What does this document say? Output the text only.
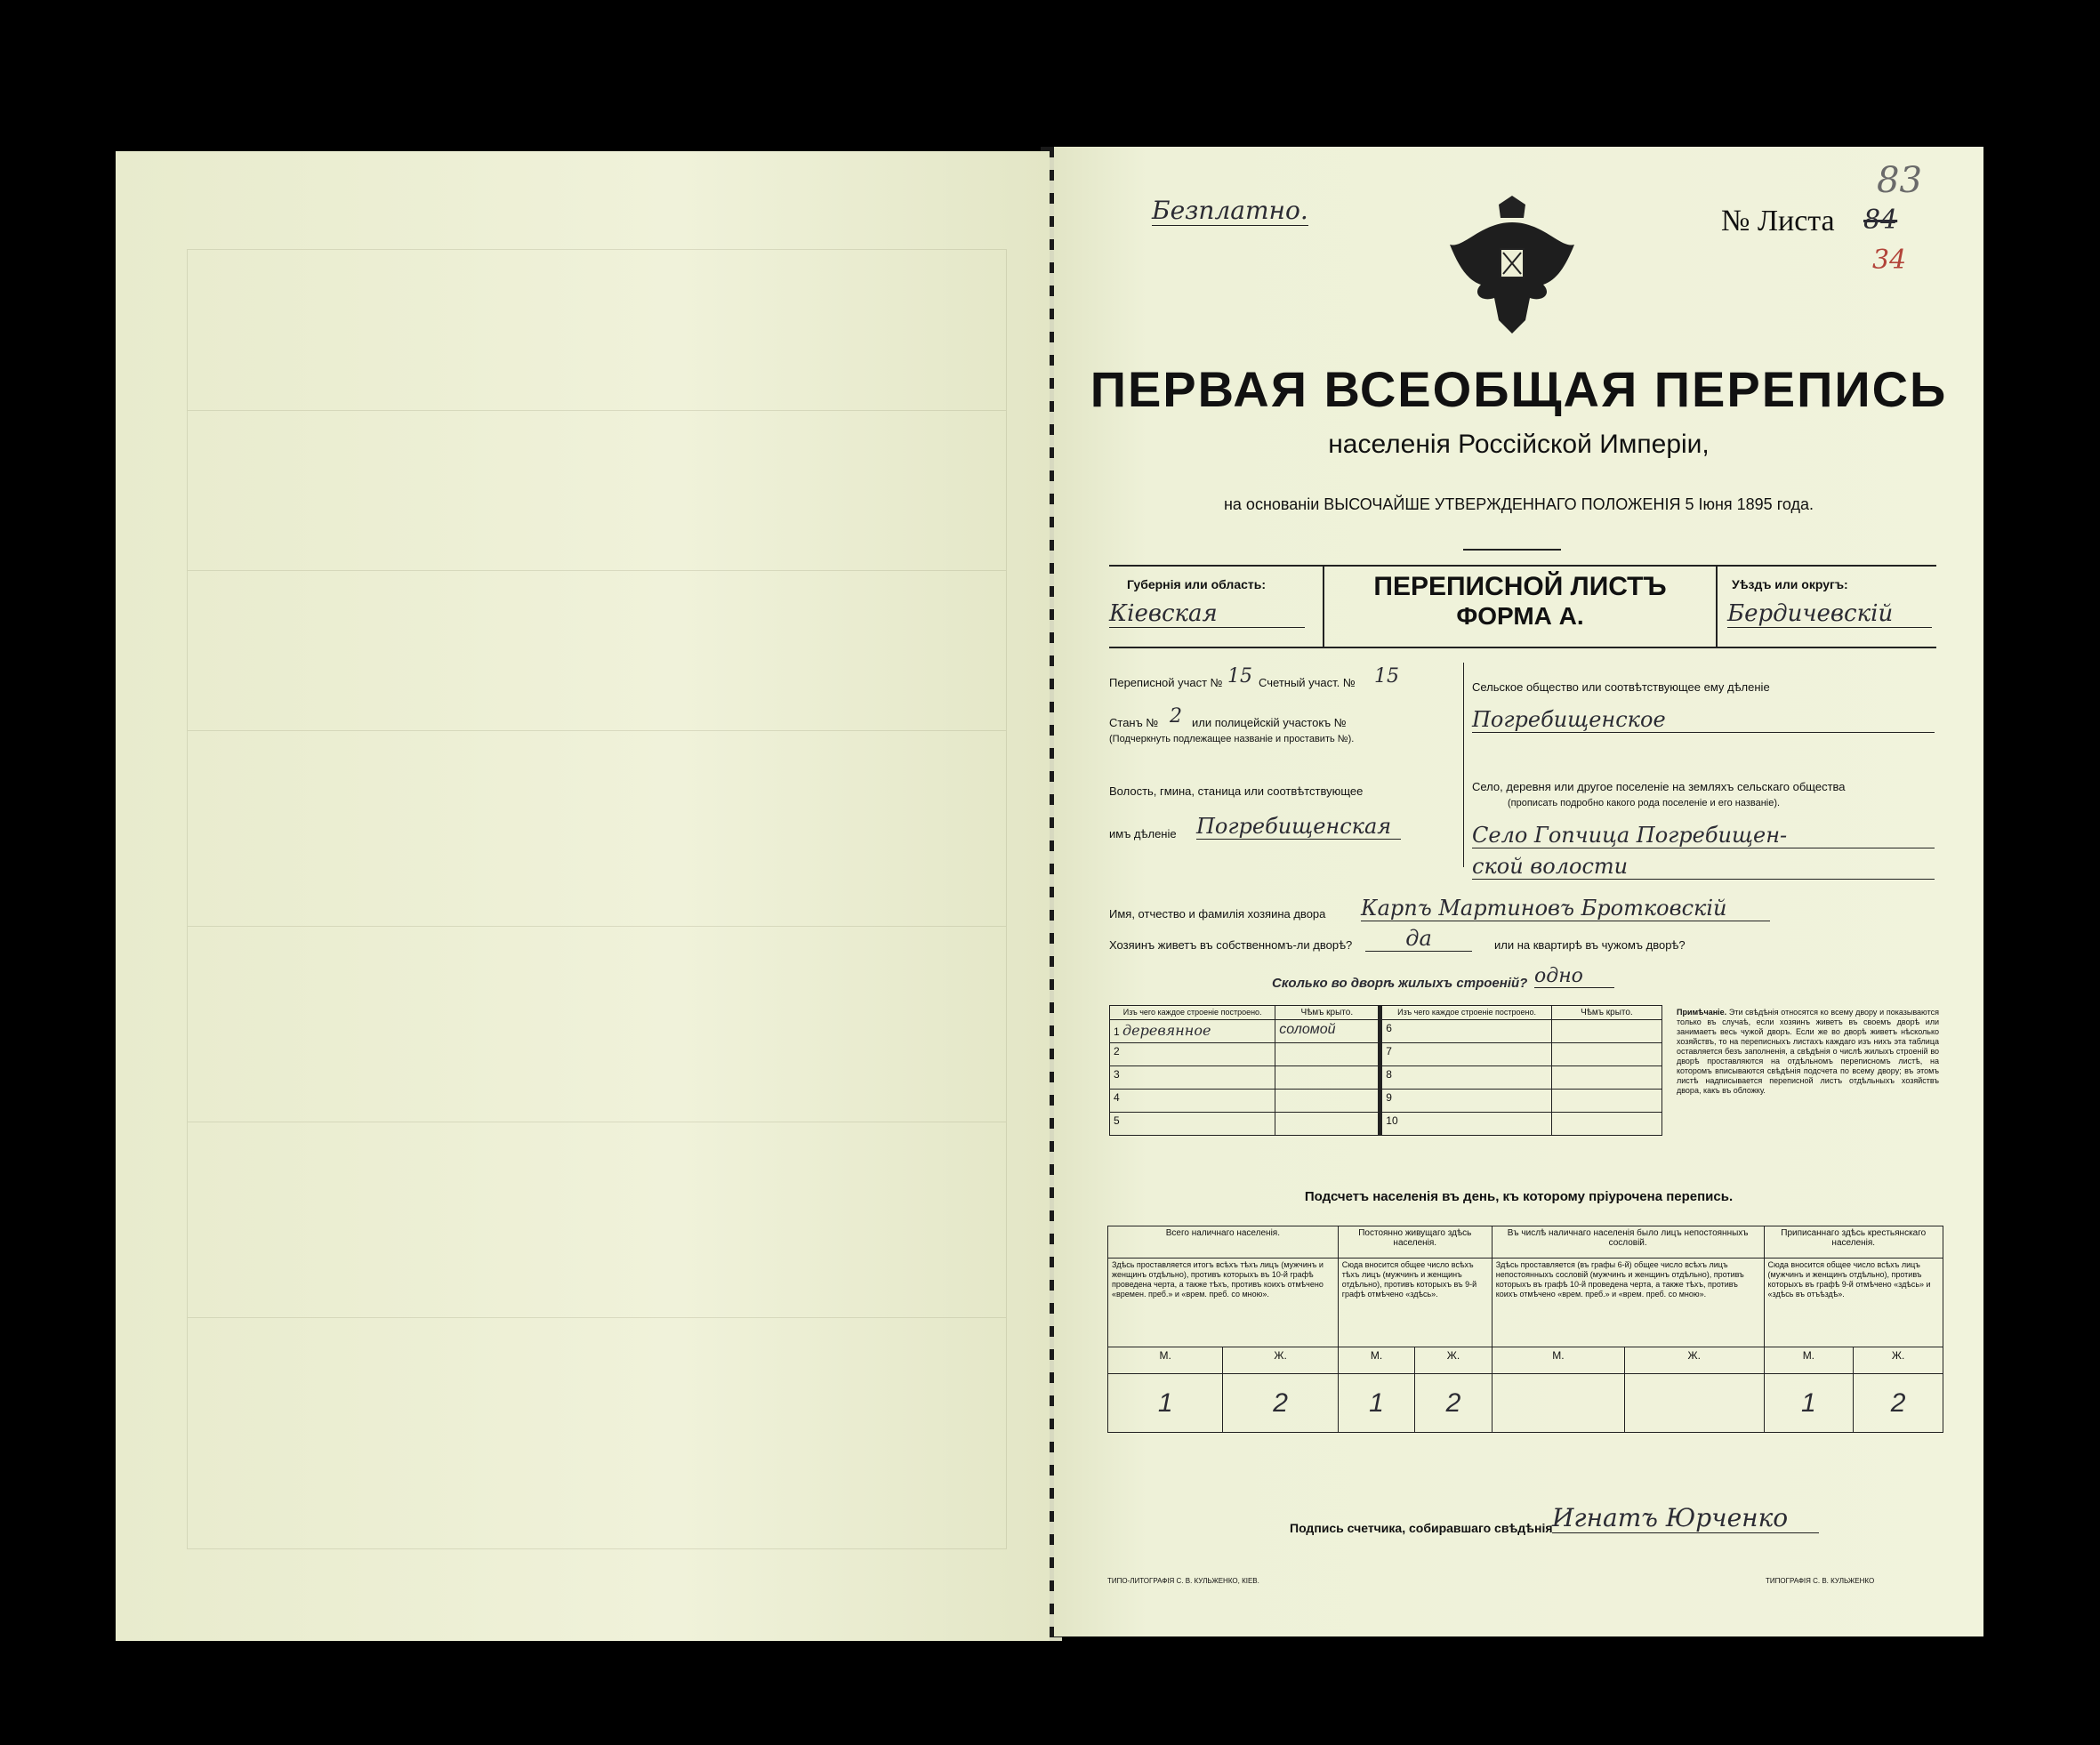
Безплатно.	№ Листа 84
83
34
ПЕРВАЯ ВСЕОБЩАЯ ПЕРЕПИСЬ
населенія Россійской Имперіи,
на основаніи ВЫСОЧАЙШЕ УТВЕРЖДЕННАГО ПОЛОЖЕНІЯ 5 Іюня 1895 года.
Губернія или область:
Кiевская
ПЕРЕПИСНОЙ ЛИСТЪ
ФОРМА А.
Уѣздъ или округъ:
Бердичевскiй
Переписной участ № 15 Счетный участ. № 15
Станъ № 2 или полицейскій участокъ №
(Подчеркнуть подлежащее названіе и проставить №).
Волость, гмина, станица или соотвѣтствующее
имъ дѣленіе Погребищенская
Сельское общество или соотвѣтствующее ему дѣленіе
Погребищенское
Село, деревня или другое поселеніе на земляхъ сельскаго общества
(прописать подробно какого рода поселеніе и его названіе).
Село Гопчица Погребищен-
ской волости
Имя, отчество и фамилія хозяина двора Карпъ Мартиновъ Бротковскiй
Хозяинъ живетъ въ собственномъ-ли дворѣ?	да	или на квартирѣ въ чужомъ дворѣ?
Сколько во дворѣ жилыхъ строеній? одно
Изъ чего каждое строеніе построено.	Чѣмъ крыто.	Изъ чего каждое строеніе построено.	Чѣмъ крыто.
1 деревянное	соломой	6	
2		7	
3		8	
4		9	
5		10	
Примѣчаніе. Эти свѣдѣнія относятся ко всему двору и показываются только въ случаѣ, если хозяинъ живетъ въ своемъ дворѣ или занимаетъ весь чужой дворъ. Если же во дворѣ живетъ нѣсколько хозяйствъ, то на переписныхъ листахъ каждаго изъ нихъ эта таблица оставляется безъ заполненія, а свѣдѣнія о числѣ жилыхъ строеній во дворѣ проставляются на отдѣльномъ переписномъ листѣ, на которомъ вписываются свѣдѣнія подсчета по всему двору; въ этомъ листѣ надписывается переписной листъ отдѣльныхъ хозяйствъ двора, какъ въ обложку.
Подсчетъ населенія въ день, къ которому пріурочена перепись.
Всего наличнаго населенія.		Постоянно живущаго здѣсь населенія.		Въ числѣ наличнаго населенія было лицъ непостоянныхъ сословій.		Приписаннаго здѣсь крестьянскаго населенія.	
Здѣсь проставляется итогъ всѣхъ тѣхъ лицъ (мужчинъ и женщинъ отдѣльно), противъ которыхъ въ 10-й графѣ проведена черта, а также тѣхъ, противъ коихъ отмѣчено «времен. преб.» и «врем. преб. со мною».		Сюда вносится общее число всѣхъ тѣхъ лицъ (мужчинъ и женщинъ отдѣльно), противъ которыхъ въ 9-й графѣ отмѣчено «здѣсь».		Здѣсь проставляется (въ графы 6-й) общее число всѣхъ лицъ непостоянныхъ сословій (мужчинъ и женщинъ отдѣльно), противъ которыхъ въ графѣ 10-й проведена черта, а также тѣхъ, противъ коихъ отмѣчено «врем. преб.» и «врем. преб. со мною».		Сюда вносится общее число всѣхъ лицъ (мужчинъ и женщинъ отдѣльно), противъ которыхъ въ графѣ 9-й отмѣчено «здѣсь» и «здѣсь въ отъѣздѣ».	
М.	Ж.	М.	Ж.	М.	Ж.	М.	Ж.
1	2	1	2			1	2
Подпись счетчика, собиравшаго свѣдѣнія Игнатъ Юрченко
ТИПО-ЛИТОГРАФІЯ С. В. КУЛЬЖЕНКО, КІЕВ.	ТИПОГРАФІЯ С. В. КУЛЬЖЕНКО
